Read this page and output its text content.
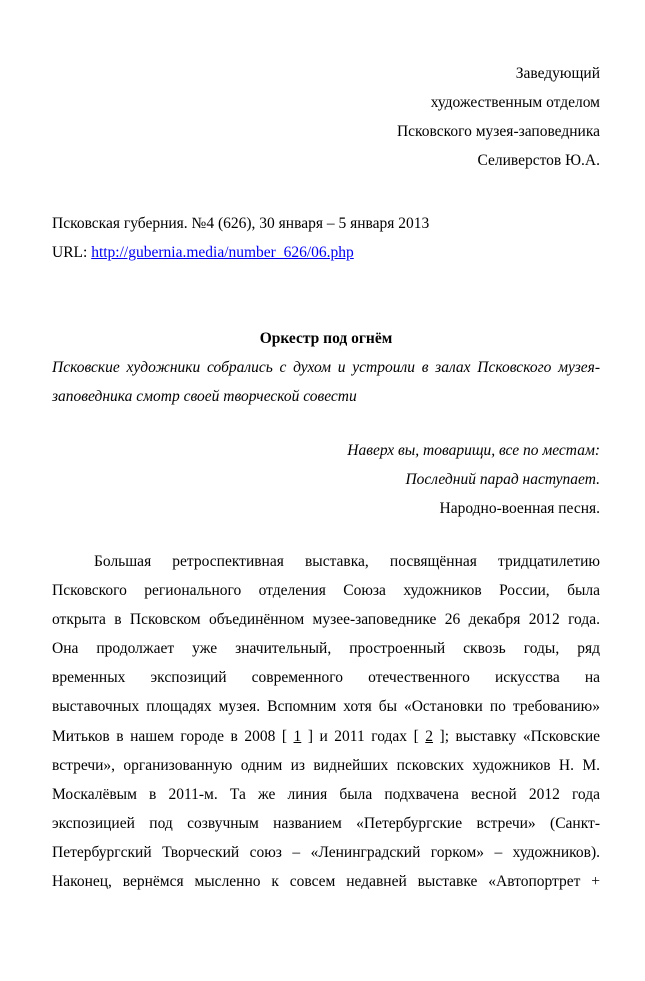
Заведующий
художественным отделом
Псковского музея-заповедника
Селиверстов Ю.А.
Псковская губерния. №4 (626), 30 января – 5 января 2013
URL: http://gubernia.media/number_626/06.php
Оркестр под огнём
Псковские художники собрались с духом и устроили в залах Псковского музея-
заповедника смотр своей творческой совести
Наверх вы, товарищи, все по местам:
Последний парад наступает.
Народно-военная песня.
Большая ретроспективная выставка, посвящённая тридцатилетию
Псковского регионального отделения Союза художников России, была
открыта в Псковском объединённом музее-заповеднике 26 декабря 2012 года.
Она продолжает уже значительный, простроенный сквозь годы, ряд
временных экспозиций современного отечественного искусства на
выставочных площадях музея. Вспомним хотя бы «Остановки по требованию»
Митьков в нашем городе в 2008 [ 1 ] и 2011 годах [ 2 ]; выставку «Псковские
встречи», организованную одним из виднейших псковских художников Н. М.
Москалёвым в 2011-м. Та же линия была подхвачена весной 2012 года
экспозицией под созвучным названием «Петербургские встречи» (Санкт-
Петербургский Творческий союз – «Ленинградский горком» – художников).
Наконец, вернёмся мысленно к совсем недавней выставке «Автопортрет +
